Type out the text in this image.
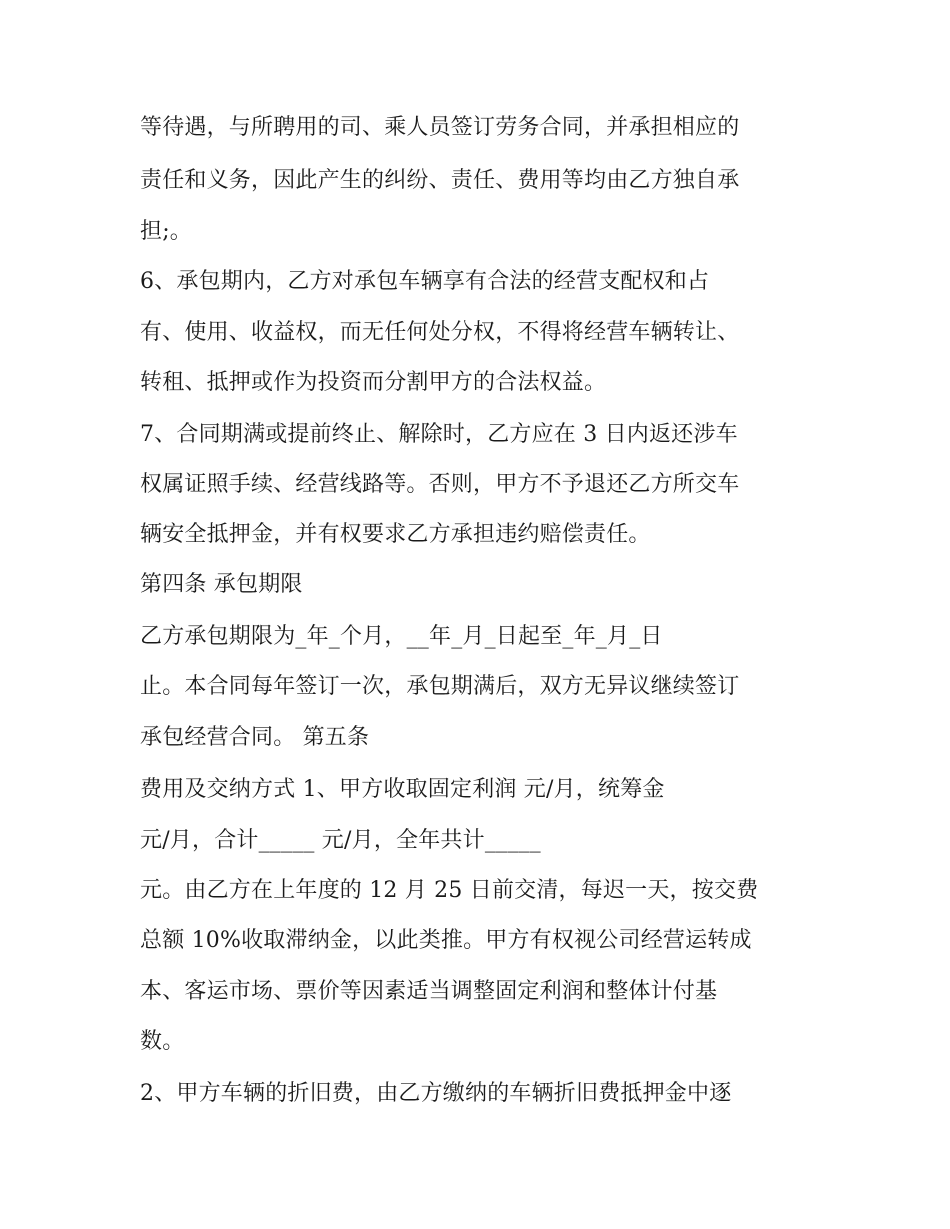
等待遇，与所聘用的司、乘人员签订劳务合同，并承担相应的
责任和义务，因此产生的纠纷、责任、费用等均由乙方独自承
担;。
6、承包期内，乙方对承包车辆享有合法的经营支配权和占
有、使用、收益权，而无任何处分权，不得将经营车辆转让、
转租、抵押或作为投资而分割甲方的合法权益。
7、合同期满或提前终止、解除时，乙方应在 3 日内返还涉车
权属证照手续、经营线路等。否则，甲方不予退还乙方所交车
辆安全抵押金，并有权要求乙方承担违约赔偿责任。
第四条 承包期限
乙方承包期限为_年_个月，__年_月_日起至_年_月_日
止。本合同每年签订一次，承包期满后，双方无异议继续签订
承包经营合同。 第五条
费用及交纳方式 1、甲方收取固定利润 元/月，统筹金
元/月，合计_____ 元/月，全年共计_____
元。由乙方在上年度的 12 月 25 日前交清，每迟一天，按交费
总额 10%收取滞纳金，以此类推。甲方有权视公司经营运转成
本、客运市场、票价等因素适当调整固定利润和整体计付基
数。
2、甲方车辆的折旧费，由乙方缴纳的车辆折旧费抵押金中逐
